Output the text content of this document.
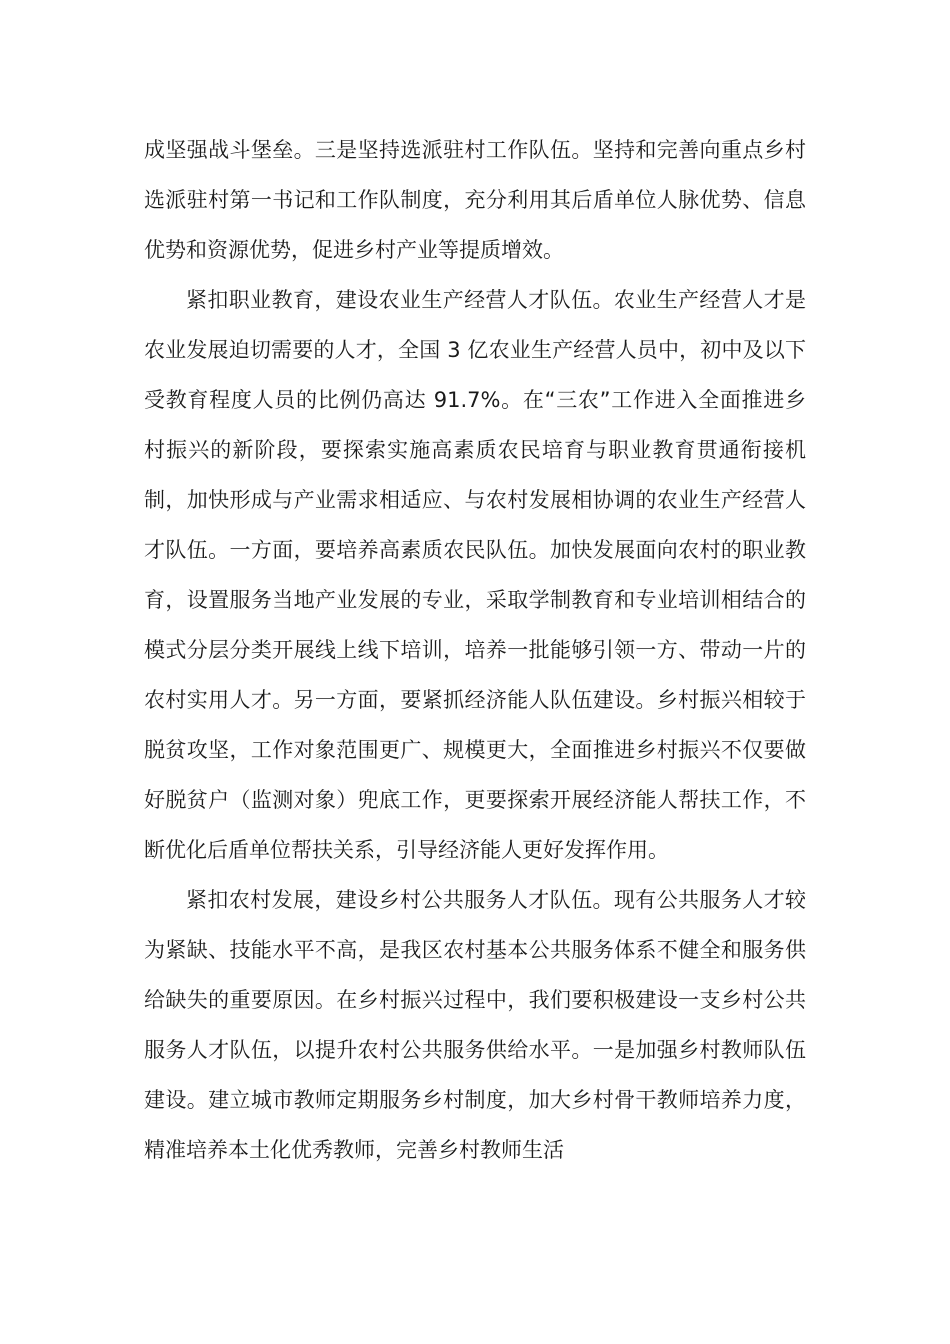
成坚强战斗堡垒。三是坚持选派驻村工作队伍。坚持和完善向重点乡村选派驻村第一书记和工作队制度，充分利用其后盾单位人脉优势、信息优势和资源优势，促进乡村产业等提质增效。

紧扣职业教育，建设农业生产经营人才队伍。农业生产经营人才是农业发展迫切需要的人才，全国 3 亿农业生产经营人员中，初中及以下受教育程度人员的比例仍高达 91.7%。在“三农”工作进入全面推进乡村振兴的新阶段，要探索实施高素质农民培育与职业教育贯通衔接机制，加快形成与产业需求相适应、与农村发展相协调的农业生产经营人才队伍。一方面，要培养高素质农民队伍。加快发展面向农村的职业教育，设置服务当地产业发展的专业，采取学制教育和专业培训相结合的模式分层分类开展线上线下培训，培养一批能够引领一方、带动一片的农村实用人才。另一方面，要紧抓经济能人队伍建设。乡村振兴相较于脱贫攻坚，工作对象范围更广、规模更大，全面推进乡村振兴不仅要做好脱贫户（监测对象）兜底工作，更要探索开展经济能人帮扶工作，不断优化后盾单位帮扶关系，引导经济能人更好发挥作用。

紧扣农村发展，建设乡村公共服务人才队伍。现有公共服务人才较为紧缺、技能水平不高，是我区农村基本公共服务体系不健全和服务供给缺失的重要原因。在乡村振兴过程中，我们要积极建设一支乡村公共服务人才队伍，以提升农村公共服务供给水平。一是加强乡村教师队伍建设。建立城市教师定期服务乡村制度，加大乡村骨干教师培养力度，精准培养本土化优秀教师，完善乡村教师生活
